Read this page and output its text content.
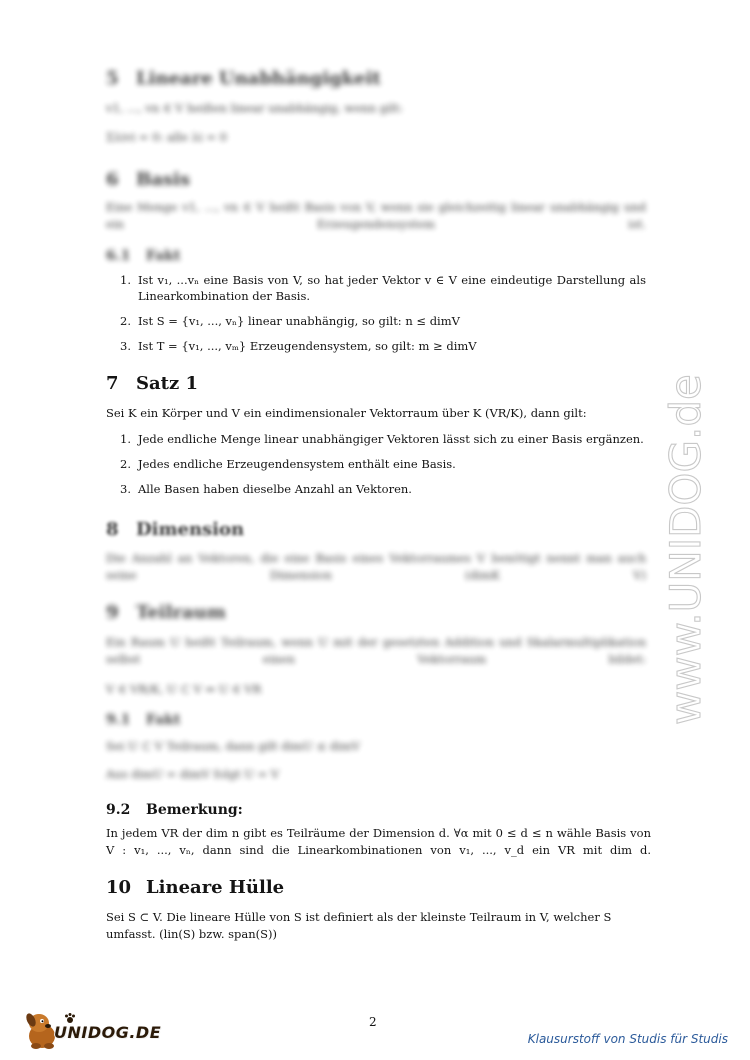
5 Lineare Unabhängigkeit
v1, ..., vn ∈ V heißen linear unabhängig, wenn gilt:
Σλivi = 0: alle λi = 0
6 Basis
Eine Menge v1, ..., vn ∈ V heißt Basis von V, wenn sie gleichzeitig linear unabhängig und ein Erzeugendensystem ist.
6.1 Fakt
1. Ist v₁, ...vₙ eine Basis von V, so hat jeder Vektor v ∈ V eine eindeutige Darstellung als Linearkombination der Basis.
2. Ist S = {v₁, ..., vₙ} linear unabhängig, so gilt: n ≤ dimV
3. Ist T = {v₁, ..., vₘ} Erzeugendensystem, so gilt: m ≥ dimV
7 Satz 1
Sei K ein Körper und V ein eindimensionaler Vektorraum über K (VR/K), dann gilt:
1. Jede endliche Menge linear unabhängiger Vektoren lässt sich zu einer Basis ergänzen.
2. Jedes endliche Erzeugendensystem enthält eine Basis.
3. Alle Basen haben dieselbe Anzahl an Vektoren.
8 Dimension
Die Anzahl an Vektoren, die eine Basis eines Vektorraumes V benötigt nennt man auch seine Dimension (dimK V)
9 Teilraum
Ein Raum U heißt Teilraum, wenn U mit der gesetzten Addition und Skalarmultiplikation selbst einen Vektorraum bildet:
V ∈ VR/K, U ⊂ V ⇒ U ∈ VR
9.1 Fakt
Sei U ⊂ V Teilraum, dann gilt dimU ≤ dimV
Aus dimU = dimV folgt U = V
9.2 Bemerkung:
In jedem VR der dim n gibt es Teilräume der Dimension d. ∀α mit 0 ≤ d ≤ n wähle Basis von V : v₁, ..., vₙ, dann sind die Linearkombinationen von v₁, ..., v_d ein VR mit dim d.
10 Lineare Hülle
Sei S ⊂ V. Die lineare Hülle von S ist definiert als der kleinste Teilraum in V, welcher S umfasst. (lin(S) bzw. span(S))
2
www.UNIDOG.de
UNIDOG.DE	Klausurstoff von Studis für Studis
